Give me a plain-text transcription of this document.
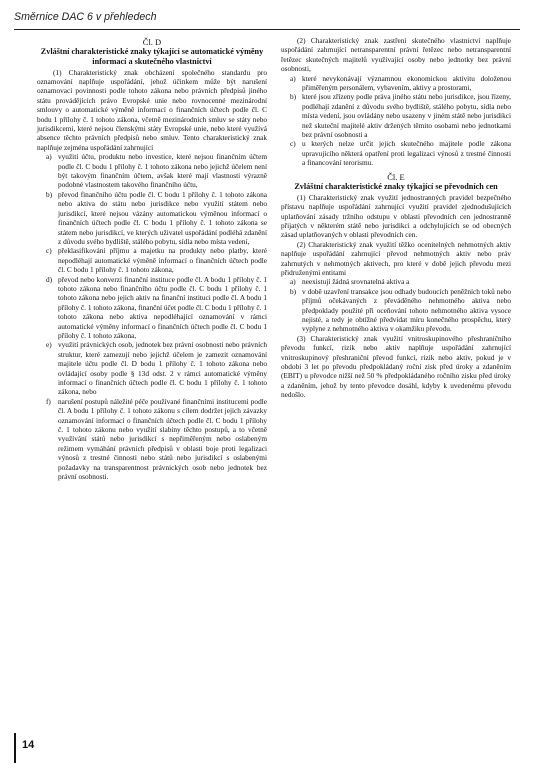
Směrnice DAC 6 v přehledech
Čl. D
Zvláštní charakteristické znaky týkající se automatické výměny informací a skutečného vlastnictví

(1) Charakteristický znak obcházení společného standardu pro oznamování naplňuje uspořádání, jehož účinkem může být narušení oznamovací povinnosti podle tohoto zákona nebo právních předpisů jiného státu provádějících právo Evropské unie nebo rovnocenné mezinárodní smlouvy o automatické výměně informací o finančních účtech podle čl. C bodu 1 přílohy č. 1 tohoto zákona, včetně mezinárodních smluv se státy nebo jurisdikcemi, které nejsou členskými státy Evropské unie, nebo které využívá absence těchto právních předpisů nebo smluv. Tento charakteristický znak naplňuje zejména uspořádání zahrnující

a) využití účtu, produktu nebo investice, které nejsou finančním účtem podle čl. C bodu 1 přílohy č. 1 tohoto zákona nebo jejichž účelem není být takovým finančním účtem, avšak které mají vlastnosti výrazně podobné vlastnostem takového finančního účtu,
b) převod finančního účtu podle čl. C bodu 1 přílohy č. 1 tohoto zákona nebo aktiva do státu nebo jurisdikce nebo využití státem nebo jurisdikcí, které nejsou vázány automatickou výměnou informací o finančních účtech podle čl. C bodu 1 přílohy č. 1 tohoto zákona se státem nebo jurisdikcí, ve kterých uživatel uspořádání podléhá zdanění z důvodu svého bydliště, stálého pobytu, sídla nebo místa vedení,
c) překlasifikování příjmu a majetku na produkty nebo platby, které nepodléhají automatické výměně informací o finančních účtech podle čl. C bodu 1 přílohy č. 1 tohoto zákona,
d) převod nebo konverzi finanční instituce podle čl. A bodu 1 přílohy č. 1 tohoto zákona nebo finančního účtu podle čl. C bodu 1 přílohy č. 1 tohoto zákona nebo jejich aktiv na finanční instituci podle čl. A bodu 1 přílohy č. 1 tohoto zákona, finanční účet podle čl. C bodu 1 přílohy č. 1 tohoto zákona nebo aktiva nepodléhající oznamování v rámci automatické výměny informací o finančních účtech podle čl. C bodu 1 přílohy č. 1 tohoto zákona,
e) využití právnických osob, jednotek bez právní osobnosti nebo právních struktur, které zamezují nebo jejichž účelem je zamezit oznamování majitele účtu podle čl. D bodu 1 přílohy č. 1 tohoto zákona nebo ovládající osoby podle § 13d odst. 2 v rámci automatické výměny informací o finančních účtech podle čl. C bodu 1 přílohy č. 1 tohoto zákona, nebo
f) narušení postupů náležité péče používané finančními institucemi podle čl. A bodu 1 přílohy č. 1 tohoto zákonu s cílem dodržet jejich závazky oznamování informací o finančních účtech podle čl. C bodu 1 přílohy č. 1 tohoto zákonu nebo využití slabiny těchto postupů, a to včetně využívání států nebo jurisdikcí s nepřiměřeným nebo oslabeným režimem vymáhání právních předpisů v oblasti boje proti legalizaci výnosů z trestné činnosti nebo států nebo jurisdikcí s oslabenými požadavky na transparentnost právnických osob nebo jednotek bez právní osobnosti.

(2) Charakteristický znak zastření skutečného vlastnictví naplňuje uspořádání zahrnující netransparentní právní řetězec nebo netransparentní řetězec skutečných majitelů využívající osoby nebo jednotky bez právní osobnosti,

a) které nevykonávají významnou ekonomickou aktivitu doloženou přiměřeným personálem, vybavením, aktivy a prostorami,
b) které jsou zřízeny podle práva jiného státu nebo jurisdikce, jsou řízeny, podléhají zdanění z důvodu svého bydliště, stálého pobytu, sídla nebo místa vedení, jsou ovládány nebo usazeny v jiném státě nebo jurisdikci než skuteční majitelé aktiv držených těmito osobami nebo jednotkami bez právní osobnosti a
c) u kterých nelze určit jejich skutečného majitele podle zákona upravujícího některá opatření proti legalizaci výnosů z trestné činnosti a financování terorismu.
Čl. E
Zvláštní charakteristické znaky týkající se převodních cen

(1) Charakteristický znak využití jednostranných pravidel bezpečného přístavu naplňuje uspořádání zahrnující využití pravidel zjednodušujících uplatňování zásady tržního odstupu v oblasti převodních cen jednostranně přijatých v některém státě nebo jurisdikci a odchylujících se od obecných zásad uplatňovaných v oblasti převodních cen.

(2) Charakteristický znak využití těžko ocenitelných nehmotných aktiv naplňuje uspořádání zahrnující převod nehmotných aktiv nebo práv zahrnutých v nehmotných aktivech, pro které v době jejich převodu mezi přidruženými entitami

a) neexistují žádná srovnatelná aktiva a
b) v době uzavření transakce jsou odhady budoucích peněžních toků nebo příjmů očekávaných z převáděného nehmotného aktiva nebo předpoklady použité při oceňování tohoto nehmotného aktiva vysoce nejisté, a tedy je obtížné předvídat míru konečného prospěchu, který vyplyne z nehmotného aktiva v okamžiku převodu.

(3) Charakteristický znak využití vnitroskupinového přeshraničního převodu funkcí, rizik nebo aktiv naplňuje uspořádání zahrnující vnitroskupinový přeshraniční převod funkcí, rizik nebo aktiv, pokud je v období 3 let po převodu předpokládaný roční zisk před úroky a zdaněním (EBIT) u převodce nižší než 50 % předpokládaného ročního zisku před úroky a zdaněním, jehož by tento převodce dosáhl, kdyby k uvedenému převodu nedošlo.

14
